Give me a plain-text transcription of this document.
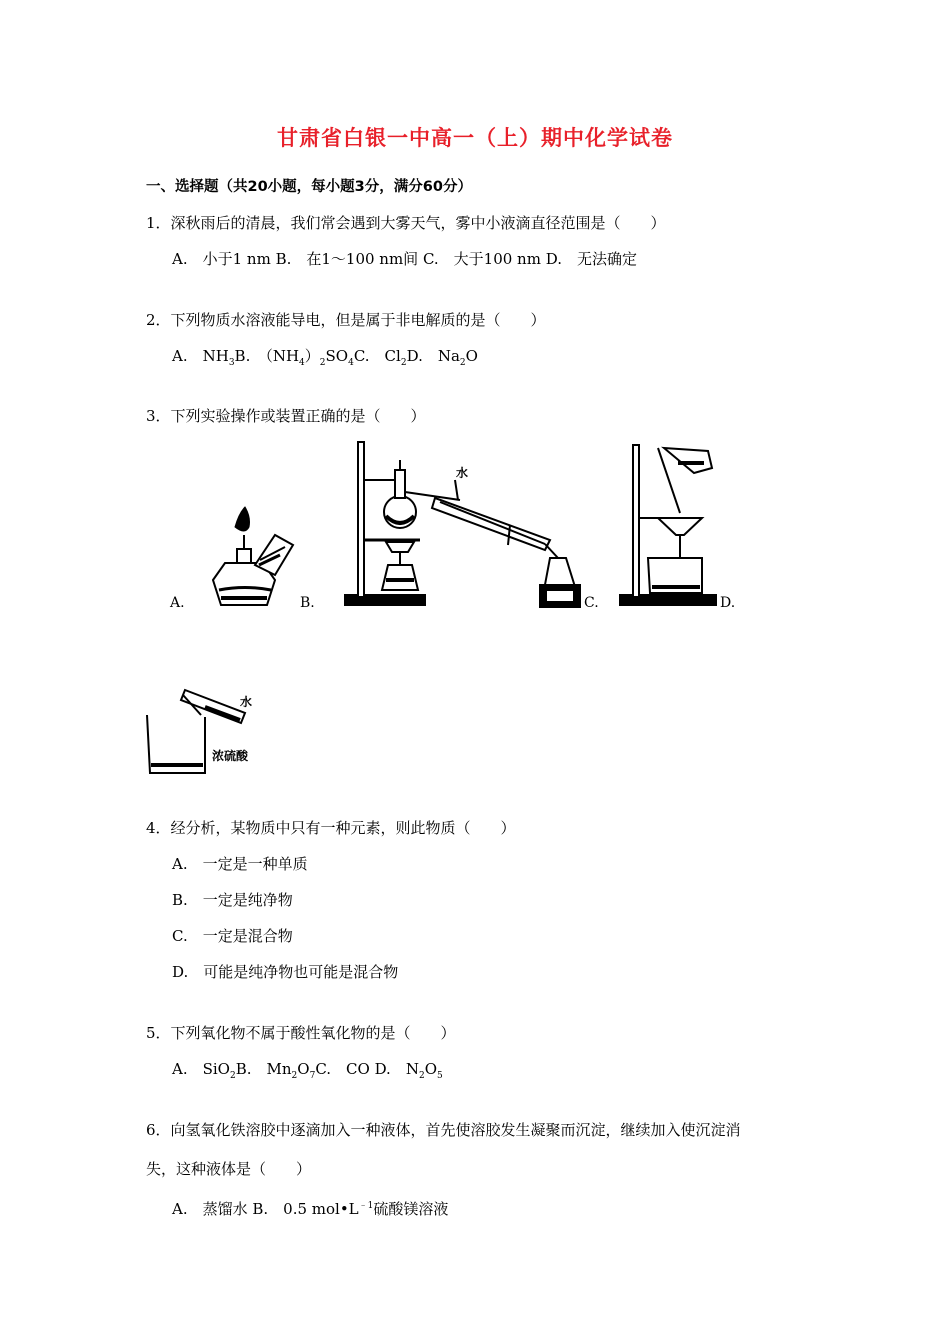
甘肃省白银一中高一（上）期中化学试卷
一、选择题（共20小题，每小题3分，满分60分）
1．深秋雨后的清晨，我们常会遇到大雾天气，雾中小液滴直径范围是（　　）
A.　小于1 nm B.　在1～100 nm间 C.　大于100 nm D.　无法确定
2．下列物质水溶液能导电，但是属于非电解质的是（　　）
A.　$NH_3B$.　$(NH_4)_2SO_4C$.　$Cl_2D$.　$Na_2O$
3．下列实验操作或装置正确的是（　　）
A.
水
B.	C.	D.
水
浓硫酸
4．经分析，某物质中只有一种元素，则此物质（　　）
A.　一定是一种单质
B.　一定是纯净物
C.　一定是混合物
D.　可能是纯净物也可能是混合物
5．下列氧化物不属于酸性氧化物的是（　　）
A.　SiO$_2$B.　$Mn_2O_7C$.　CO D.　$N_2O_5$
6．向氢氧化铁溶胶中逐滴加入一种液体，首先使溶胶发生凝聚而沉淀，继续加入使沉淀消
失，这种液体是（　　）
A.　蒸馏水 B.　0.5 $mol•L^{﹣1}$硫酸镁溶液
